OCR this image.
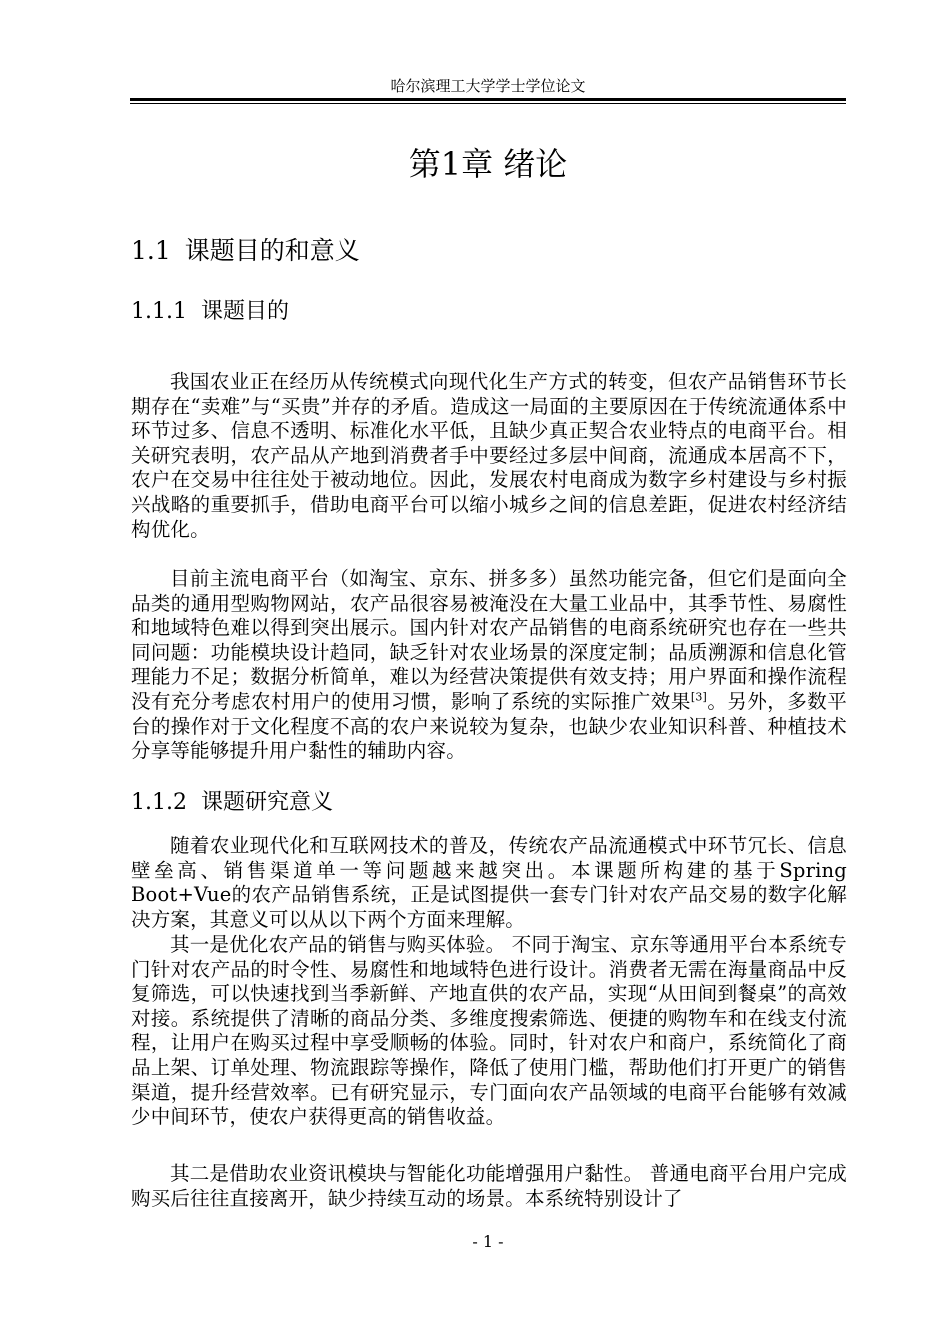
哈尔滨理工大学学士学位论文
第1章 绪论
1.1 课题目的和意义
1.1.1 课题目的
我国农业正在经历从传统模式向现代化生产方式的转变，但农产品销售环节长期存在“卖难”与“买贵”并存的矛盾。造成这一局面的主要原因在于传统流通体系中环节过多、信息不透明、标准化水平低，且缺少真正契合农业特点的电商平台。相关研究表明，农产品从产地到消费者手中要经过多层中间商，流通成本居高不下，农户在交易中往往处于被动地位。因此，发展农村电商成为数字乡村建设与乡村振兴战略的重要抓手，借助电商平台可以缩小城乡之间的信息差距，促进农村经济结构优化。
目前主流电商平台（如淘宝、京东、拼多多）虽然功能完备，但它们是面向全品类的通用型购物网站，农产品很容易被淹没在大量工业品中，其季节性、易腐性和地域特色难以得到突出展示。国内针对农产品销售的电商系统研究也存在一些共同问题：功能模块设计趋同，缺乏针对农业场景的深度定制；品质溯源和信息化管理能力不足；数据分析简单，难以为经营决策提供有效支持；用户界面和操作流程没有充分考虑农村用户的使用习惯，影响了系统的实际推广效果[3]。另外，多数平台的操作对于文化程度不高的农户来说较为复杂，也缺少农业知识科普、种植技术分享等能够提升用户黏性的辅助内容。
1.1.2 课题研究意义
随着农业现代化和互联网技术的普及，传统农产品流通模式中环节冗长、信息壁垒高、销售渠道单一等问题越来越突出。本课题所构建的基于Spring Boot+Vue的农产品销售系统，正是试图提供一套专门针对农产品交易的数字化解决方案，其意义可以从以下两个方面来理解。
其一是优化农产品的销售与购买体验。 不同于淘宝、京东等通用平台本系统专门针对农产品的时令性、易腐性和地域特色进行设计。消费者无需在海量商品中反复筛选，可以快速找到当季新鲜、产地直供的农产品，实现“从田间到餐桌”的高效对接。系统提供了清晰的商品分类、多维度搜索筛选、便捷的购物车和在线支付流程，让用户在购买过程中享受顺畅的体验。同时，针对农户和商户，系统简化了商品上架、订单处理、物流跟踪等操作，降低了使用门槛，帮助他们打开更广的销售渠道，提升经营效率。已有研究显示，专门面向农产品领域的电商平台能够有效减少中间环节，使农户获得更高的销售收益。
其二是借助农业资讯模块与智能化功能增强用户黏性。 普通电商平台用户完成购买后往往直接离开，缺少持续互动的场景。本系统特别设计了
- 1 -
